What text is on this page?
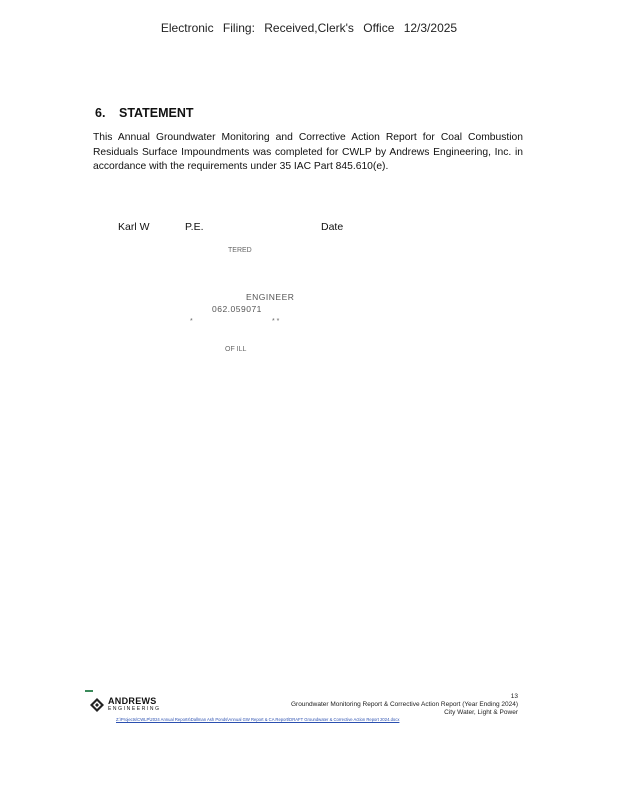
Electronic Filing: Received,Clerk's Office 12/3/2025
6. STATEMENT
This Annual Groundwater Monitoring and Corrective Action Report for Coal Combustion Residuals Surface Impoundments was completed for CWLP by Andrews Engineering, Inc. in accordance with the requirements under 35 IAC Part 845.610(e).
Karl W	P.E.	Date
TERED
ENGINEER
062.059071
*	* *
OF ILL
ANDREWS
ENGINEERING
13
Groundwater Monitoring Report & Corrective Action Report (Year Ending 2024)
City Water, Light & Power
Z:\Projects\CWLP\2024 Annual Reports\Dallman Ash Ponds\Annual GW Report & CA Report\DRAFT Groundwater & Corrective Action Report 2024.docx
